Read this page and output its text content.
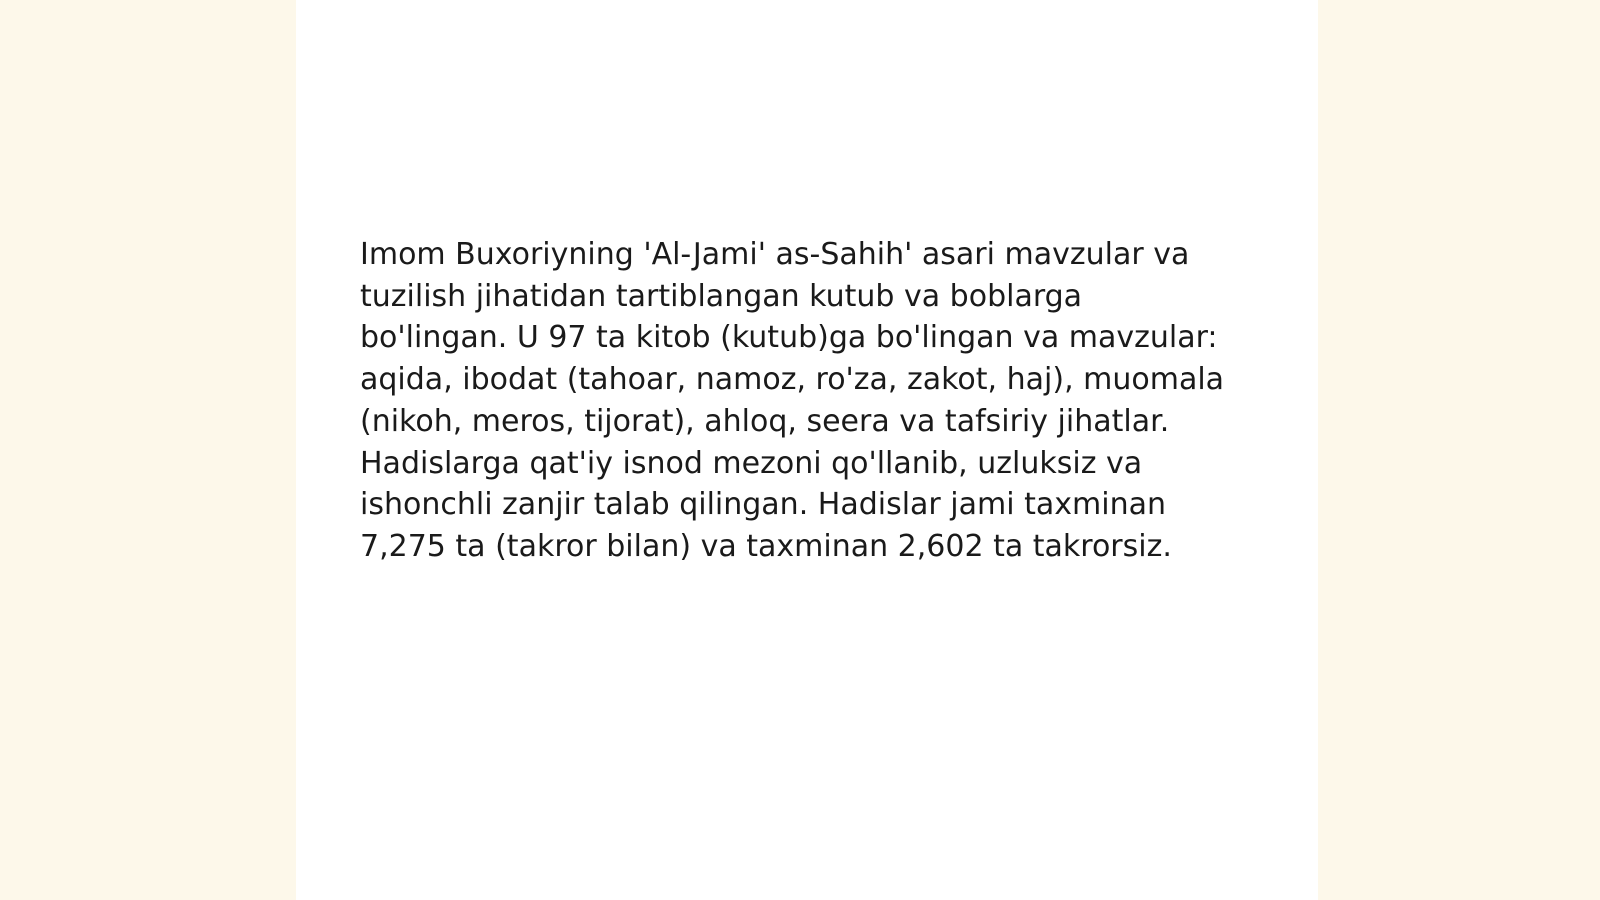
Imom Buxoriyning 'Al-Jami' as-Sahih' asari mavzular va tuzilish jihatidan tartiblangan kutub va boblarga bo'lingan. U 97 ta kitob (kutub)ga bo'lingan va mavzular: aqida, ibodat (tahoar, namoz, ro'za, zakot, haj), muomala (nikoh, meros, tijorat), ahloq, seera va tafsiriy jihatlar. Hadislarga qat'iy isnod mezoni qo'llanib, uzluksiz va ishonchli zanjir talab qilingan. Hadislar jami taxminan 7,275 ta (takror bilan) va taxminan 2,602 ta takrorsiz.
